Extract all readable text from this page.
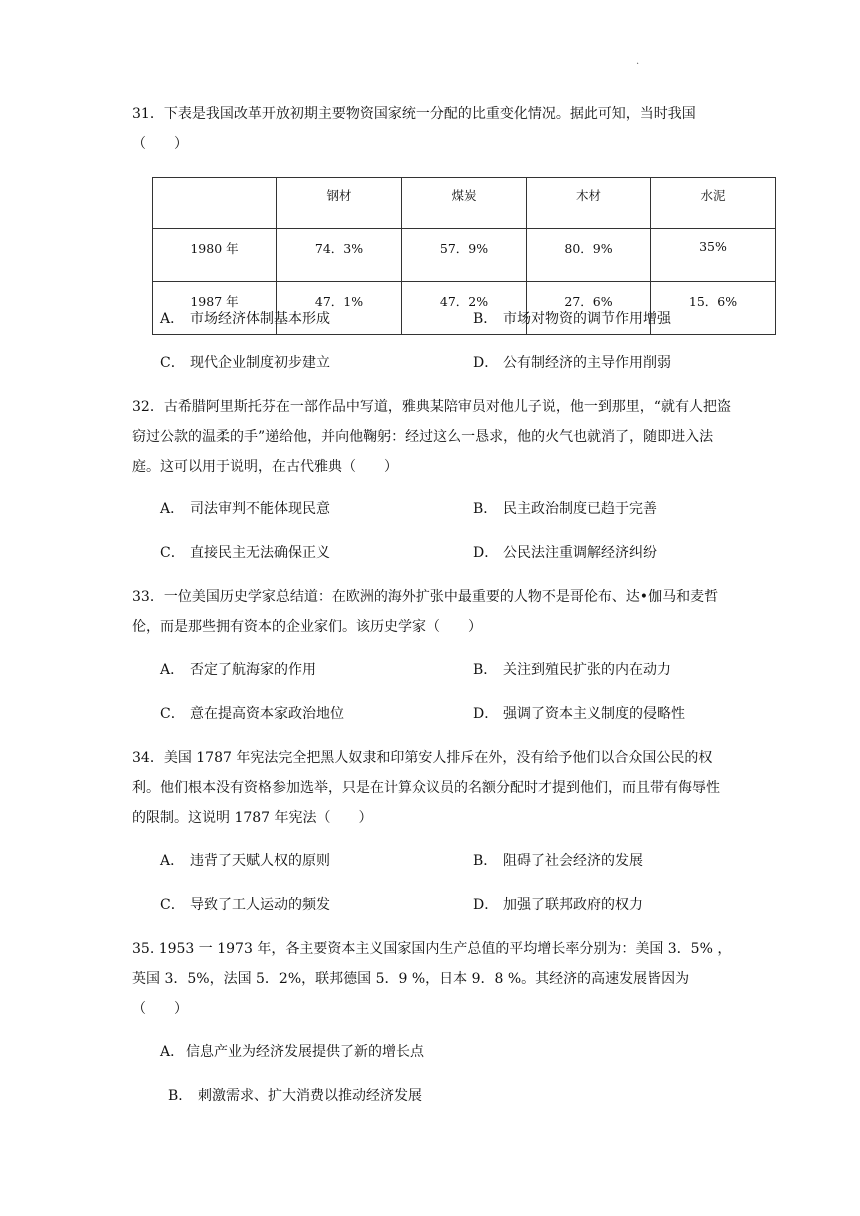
.
31．下表是我国改革开放初期主要物资国家统一分配的比重变化情况。据此可知，当时我国（　　）
	钢材	煤炭	木材	水泥
1980 年	74．3%	57．9%	80．9%	35%
1987 年	47．1%	47．2%	27．6%	15．6%
A． 市场经济体制基本形成	B． 市场对物资的调节作用增强
C． 现代企业制度初步建立	D． 公有制经济的主导作用削弱
32．古希腊阿里斯托芬在一部作品中写道，雅典某陪审员对他儿子说，他一到那里，“就有人把盗窃过公款的温柔的手”递给他，并向他鞠躬：经过这么一恳求，他的火气也就消了，随即进入法庭。这可以用于说明，在古代雅典（　　）
A． 司法审判不能体现民意	B． 民主政治制度已趋于完善
C． 直接民主无法确保正义	D． 公民法注重调解经济纠纷
33．一位美国历史学家总结道：在欧洲的海外扩张中最重要的人物不是哥伦布、达•伽马和麦哲伦，而是那些拥有资本的企业家们。该历史学家（　　）
A． 否定了航海家的作用	B． 关注到殖民扩张的内在动力
C． 意在提高资本家政治地位	D． 强调了资本主义制度的侵略性
34．美国 1787 年宪法完全把黑人奴隶和印第安人排斥在外，没有给予他们以合众国公民的权利。他们根本没有资格参加选举，只是在计算众议员的名额分配时才提到他们，而且带有侮辱性的限制。这说明 1787 年宪法（　　）
A． 违背了天赋人权的原则	B． 阻碍了社会经济的发展
C． 导致了工人运动的频发	D． 加强了联邦政府的权力
35. 1953 一 1973 年，各主要资本主义国家国内生产总值的平均增长率分别为：美国 3．5% ，英国 3．5%，法国 5．2%，联邦德国 5．9 %，日本 9．8 %。其经济的高速发展皆因为（　　）
A． 信息产业为经济发展提供了新的增长点
B． 刺激需求、扩大消费以推动经济发展
